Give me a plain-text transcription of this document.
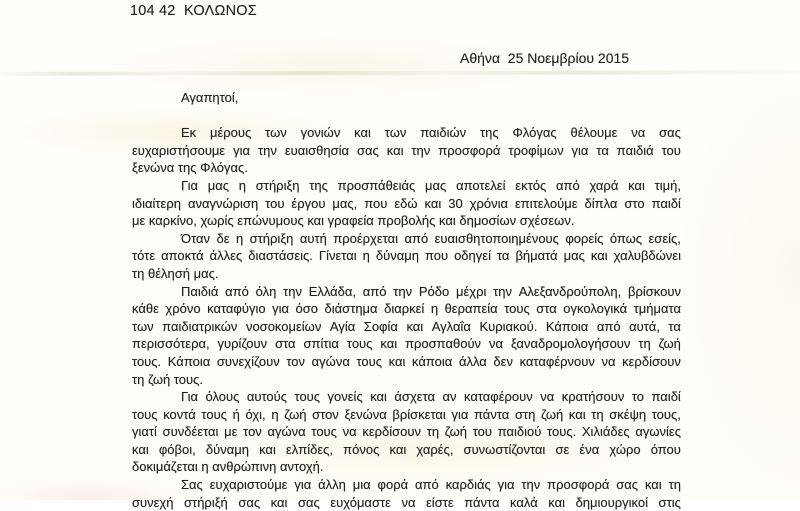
104 42  ΚΟΛΩΝΟΣ
Αθήνα  25 Νοεμβρίου 2015
Αγαπητοί,
Εκ μέρους των γονιών και των παιδιών της Φλόγας θέλουμε να σας
ευχαριστήσουμε για την ευαισθησία σας και την προσφορά τροφίμων για τα παιδιά του
ξενώνα της Φλόγας.
Για μας η στήριξη της προσπάθειάς μας αποτελεί εκτός από χαρά και τιμή,
ιδιαίτερη αναγνώριση του έργου μας, που εδώ και 30 χρόνια επιτελούμε δίπλα στο παιδί
με καρκίνο, χωρίς επώνυμους και γραφεία προβολής και δημοσίων σχέσεων.
Όταν δε η στήριξη αυτή προέρχεται από ευαισθητοποιημένους φορείς όπως εσείς,
τότε αποκτά άλλες διαστάσεις. Γίνεται η δύναμη που οδηγεί τα βήματά μας και χαλυβδώνει
τη θέλησή μας.
Παιδιά από όλη την Ελλάδα, από την Ρόδο μέχρι την Αλεξανδρούπολη, βρίσκουν
κάθε χρόνο καταφύγιο για όσο διάστημα διαρκεί η θεραπεία τους στα ογκολογικά τμήματα
των παιδιατρικών νοσοκομείων Αγία Σοφία και Αγλαΐα Κυριακού. Κάποια από αυτά, τα
περισσότερα, γυρίζουν στα σπίτια τους και προσπαθούν να ξαναδρομολογήσουν τη ζωή
τους. Κάποια συνεχίζουν τον αγώνα τους και κάποια άλλα δεν καταφέρνουν να κερδίσουν
τη ζωή τους.
Για όλους αυτούς τους γονείς και άσχετα αν καταφέρουν να κρατήσουν το παιδί
τους κοντά τους ή όχι, η ζωή στον ξενώνα βρίσκεται για πάντα στη ζωή και τη σκέψη τους,
γιατί συνδέεται με τον αγώνα τους να κερδίσουν τη ζωή του παιδιού τους. Χιλιάδες αγωνίες
και φόβοι, δύναμη και ελπίδες, πόνος και χαρές, συνωστίζονται σε ένα χώρο όπου
δοκιμάζεται η ανθρώπινη αντοχή.
Σας ευχαριστούμε για άλλη μια φορά από καρδιάς για την προσφορά σας και τη
συνεχή στήριξή σας και σας ευχόμαστε να είστε πάντα καλά και δημιουργικοί στις
